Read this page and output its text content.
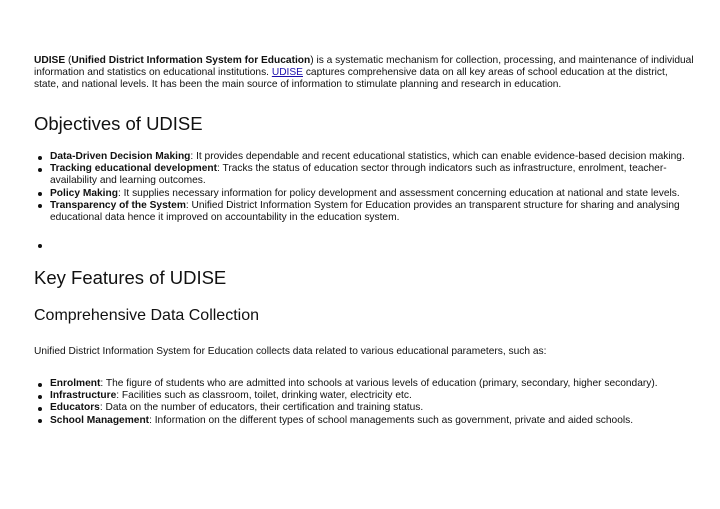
UDISE (Unified District Information System for Education) is a systematic mechanism for collection, processing, and maintenance of individual information and statistics on educational institutions. UDISE captures comprehensive data on all key areas of school education at the district, state, and national levels. It has been the main source of information to stimulate planning and research in education.

Objectives of UDISE
Data-Driven Decision Making: It provides dependable and recent educational statistics, which can enable evidence-based decision making.
Tracking educational development: Tracks the status of education sector through indicators such as infrastructure, enrolment, teacher-availability and learning outcomes.
Policy Making: It supplies necessary information for policy development and assessment concerning education at national and state levels.
Transparency of the System: Unified District Information System for Education provides an transparent structure for sharing and analysing educational data hence it improved on accountability in the education system.

Key Features of UDISE
Comprehensive Data Collection

Unified District Information System for Education collects data related to various educational parameters, such as:

Enrolment: The figure of students who are admitted into schools at various levels of education (primary, secondary, higher secondary).
Infrastructure: Facilities such as classroom, toilet, drinking water, electricity etc.
Educators: Data on the number of educators, their certification and training status.
School Management: Information on the different types of school managements such as government, private and aided schools.
